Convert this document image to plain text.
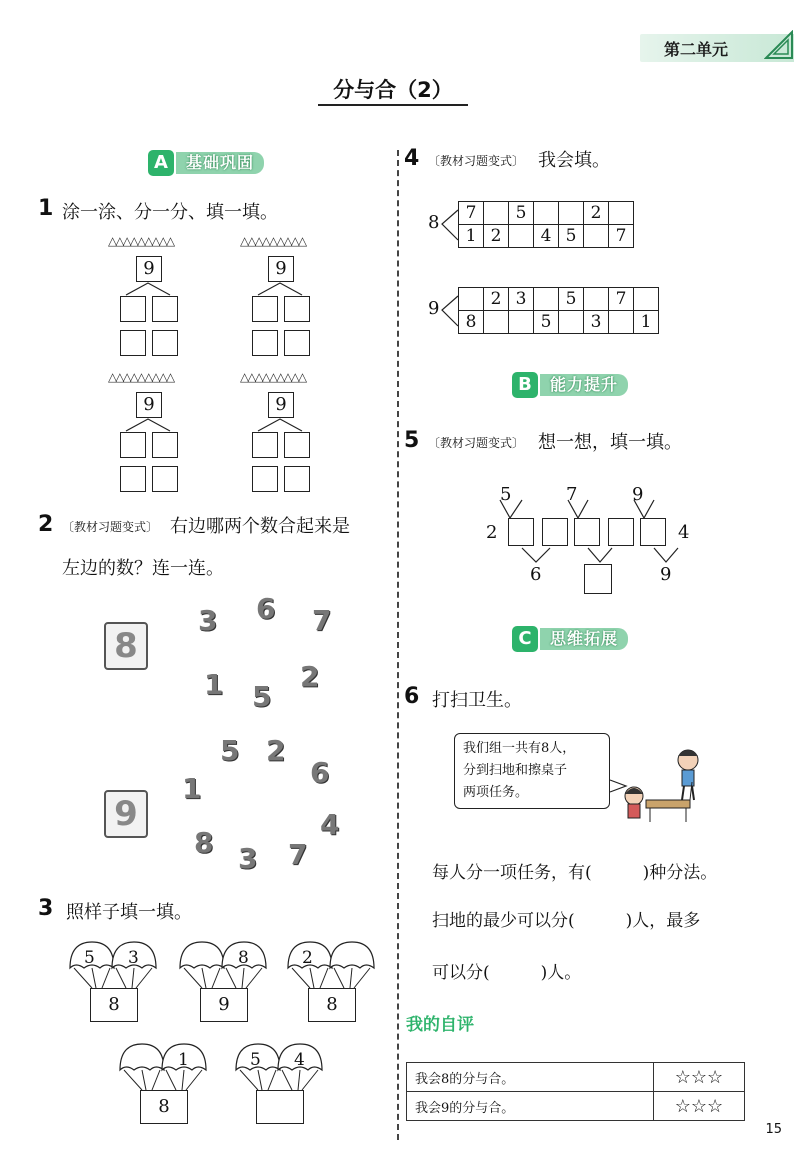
第二单元
分与合（2）
A	基础巩固
1 涂一涂、分一分、填一填。
△△△△△△△△△
9
△△△△△△△△△
9
△△△△△△△△△
9
△△△△△△△△△
9
2 〔教材习题变式〕 右边哪两个数合起来是
左边的数？连一连。
8
9
3 6 7
1 5
2
5 2
1	6
4
8 3 7
3 照样子填一填。
5 3
8
8
9
2
8
1
8
5 4
4 〔教材习题变式〕 我会填。
8 7		5			2	
1	2		4	5		7
9
		2	3		5		7	
8			5		3		1
B	能力提升
5 〔教材习题变式〕 想一想，填一填。
5	7	9
2	4
6	9
C	思维拓展
6 打扫卫生。
我们组一共有8人，
分到扫地和擦桌子
两项任务。
每人分一项任务，有(　　　)种分法。
扫地的最少可以分(　　　)人，最多
可以分(　　　)人。
我的自评
我会8的分与合。	☆☆☆
我会9的分与合。	☆☆☆
15
